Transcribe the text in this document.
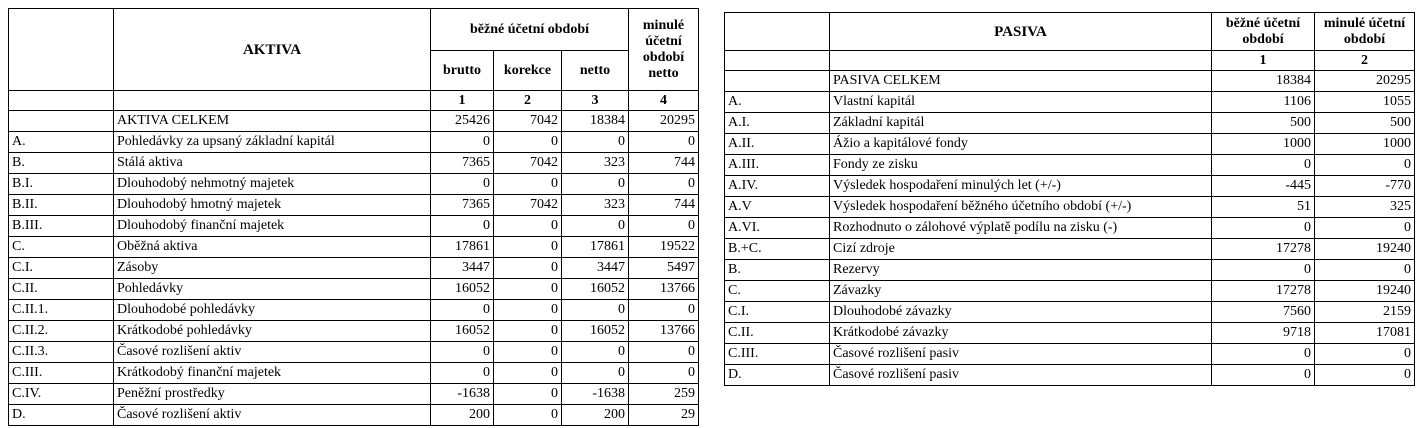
	AKTIVA	běžné účetní období			minulé účetní období netto
		brutto	korekce	netto	
		1	2	3	4
	AKTIVA CELKEM	25426	7042	18384	20295
A.	Pohledávky za upsaný základní kapitál	0	0	0	0
B.	Stálá aktiva	7365	7042	323	744
B.I.	Dlouhodobý nehmotný majetek	0	0	0	0
B.II.	Dlouhodobý hmotný majetek	7365	7042	323	744
B.III.	Dlouhodobý finanční majetek	0	0	0	0
C.	Oběžná aktiva	17861	0	17861	19522
C.I.	Zásoby	3447	0	3447	5497
C.II.	Pohledávky	16052	0	16052	13766
C.II.1.	Dlouhodobé pohledávky	0	0	0	0
C.II.2.	Krátkodobé pohledávky	16052	0	16052	13766
C.II.3.	Časové rozlišení aktiv	0	0	0	0
C.III.	Krátkodobý finanční majetek	0	0	0	0
C.IV.	Peněžní prostředky	-1638	0	-1638	259
D.	Časové rozlišení aktiv	200	0	200	29
	PASIVA	běžné účetní období	minulé účetní období
		1	2
	PASIVA CELKEM	18384	20295
A.	Vlastní kapitál	1106	1055
A.I.	Základní kapitál	500	500
A.II.	Ážio a kapitálové fondy	1000	1000
A.III.	Fondy ze zisku	0	0
A.IV.	Výsledek hospodaření minulých let (+/-)	-445	-770
A.V	Výsledek hospodaření běžného účetního období (+/-)	51	325
A.VI.	Rozhodnuto o zálohové výplatě podílu na zisku (-)	0	0
B.+C.	Cizí zdroje	17278	19240
B.	Rezervy	0	0
C.	Závazky	17278	19240
C.I.	Dlouhodobé závazky	7560	2159
C.II.	Krátkodobé závazky	9718	17081
C.III.	Časové rozlišení pasiv	0	0
D.	Časové rozlišení pasiv	0	0
